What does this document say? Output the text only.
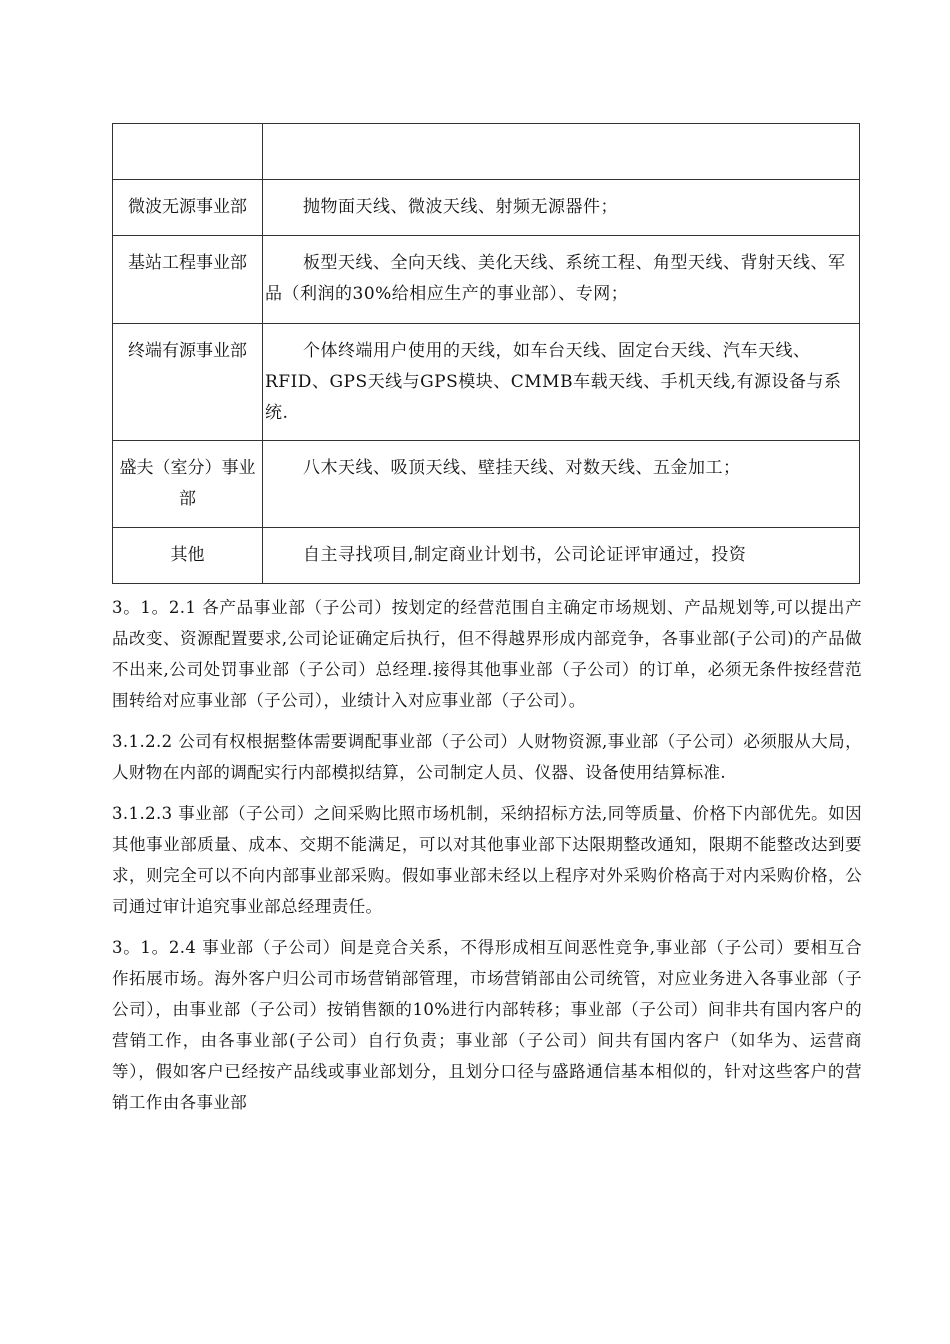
微波无源事业部	抛物面天线、微波天线、射频无源器件；
基站工程事业部	板型天线、全向天线、美化天线、系统工程、角型天线、背射天线、军品（利润的30%给相应生产的事业部）、专网；
终端有源事业部	个体终端用户使用的天线，如车台天线、固定台天线、汽车天线、RFID、GPS天线与GPS模块、CMMB车载天线、手机天线,有源设备与系统.
盛夫（室分）事业部	八木天线、吸顶天线、壁挂天线、对数天线、五金加工；
其他	自主寻找项目,制定商业计划书，公司论证评审通过，投资

3。1。2.1 各产品事业部（子公司）按划定的经营范围自主确定市场规划、产品规划等,可以提出产品改变、资源配置要求,公司论证确定后执行，但不得越界形成内部竞争，各事业部(子公司)的产品做不出来,公司处罚事业部（子公司）总经理.接得其他事业部（子公司）的订单，必须无条件按经营范围转给对应事业部（子公司），业绩计入对应事业部（子公司）。

3.1.2.2 公司有权根据整体需要调配事业部（子公司）人财物资源,事业部（子公司）必须服从大局，人财物在内部的调配实行内部模拟结算，公司制定人员、仪器、设备使用结算标准.

3.1.2.3 事业部（子公司）之间采购比照市场机制，采纳招标方法,同等质量、价格下内部优先。如因其他事业部质量、成本、交期不能满足，可以对其他事业部下达限期整改通知，限期不能整改达到要求，则完全可以不向内部事业部采购。假如事业部未经以上程序对外采购价格高于对内采购价格，公司通过审计追究事业部总经理责任。

3。1。2.4 事业部（子公司）间是竞合关系，不得形成相互间恶性竞争,事业部（子公司）要相互合作拓展市场。海外客户归公司市场营销部管理，市场营销部由公司统管，对应业务进入各事业部（子公司），由事业部（子公司）按销售额的10%进行内部转移；事业部（子公司）间非共有国内客户的营销工作，由各事业部(子公司）自行负责；事业部（子公司）间共有国内客户（如华为、运营商等），假如客户已经按产品线或事业部划分，且划分口径与盛路通信基本相似的，针对这些客户的营销工作由各事业部
